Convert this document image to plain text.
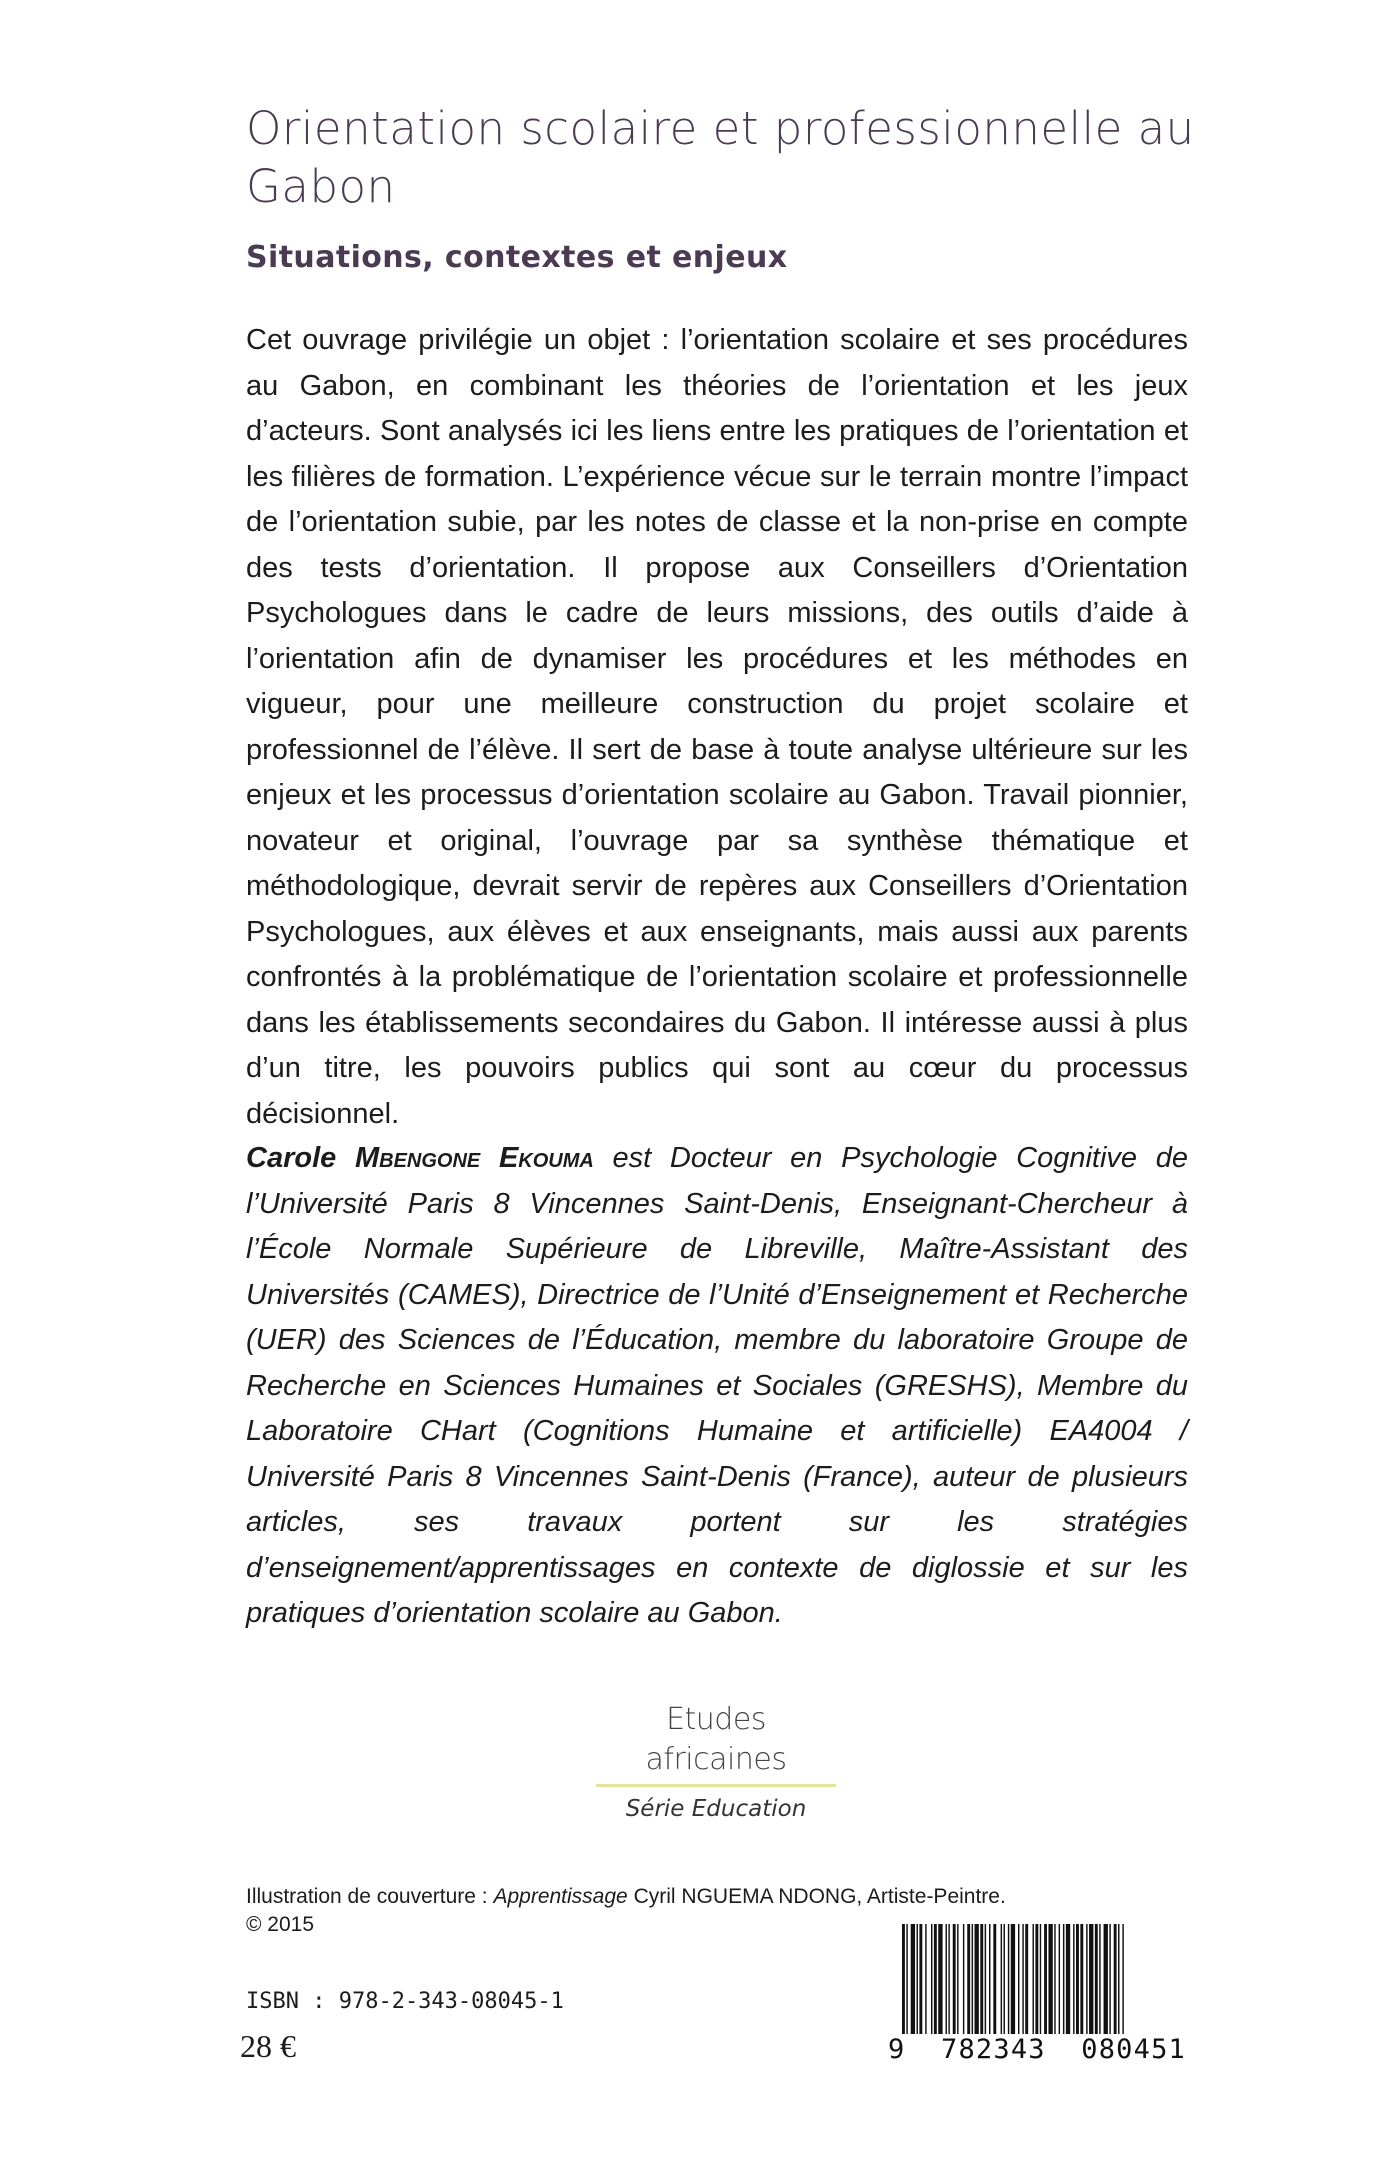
Orientation scolaire et professionnelle au Gabon
Situations, contextes et enjeux

Cet ouvrage privilégie un objet : l’orientation scolaire et ses procédures au Gabon, en combinant les théories de l’orientation et les jeux d’acteurs. Sont analysés ici les liens entre les pratiques de l’orientation et les filières de formation. L’expérience vécue sur le terrain montre l’impact de l’orientation subie, par les notes de classe et la non-prise en compte des tests d’orientation. Il propose aux Conseillers d’Orientation Psychologues dans le cadre de leurs missions, des outils d’aide à l’orientation afin de dynamiser les procédures et les méthodes en vigueur, pour une meilleure construction du projet scolaire et professionnel de l’élève. Il sert de base à toute analyse ultérieure sur les enjeux et les processus d’orientation scolaire au Gabon. Travail pionnier, novateur et original, l’ouvrage par sa synthèse thématique et méthodologique, devrait servir de repères aux Conseillers d’Orientation Psychologues, aux élèves et aux enseignants, mais aussi aux parents confrontés à la problématique de l’orientation scolaire et professionnelle dans les établissements secondaires du Gabon. Il intéresse aussi à plus d’un titre, les pouvoirs publics qui sont au cœur du processus décisionnel.

Carole Mbengone Ekouma est Docteur en Psychologie Cognitive de l’Université Paris 8 Vincennes Saint-Denis, Enseignant-Chercheur à l’École Normale Supérieure de Libreville, Maître-Assistant des Universités (CAMES), Directrice de l’Unité d’Enseignement et Recherche (UER) des Sciences de l’Éducation, membre du laboratoire Groupe de Recherche en Sciences Humaines et Sociales (GRESHS), Membre du Laboratoire CHart (Cognitions Humaine et artificielle) EA4004 / Université Paris 8 Vincennes Saint-Denis (France), auteur de plusieurs articles, ses travaux portent sur les stratégies d’enseignement/apprentissages en contexte de diglossie et sur les pratiques d’orientation scolaire au Gabon.

Etudes africaines
Série Education

Illustration de couverture : Apprentissage Cyril NGUEMA NDONG, Artiste-Peintre.

© 2015
ISBN : 978-2-343-08045-1
28 €	9 782343 080451
